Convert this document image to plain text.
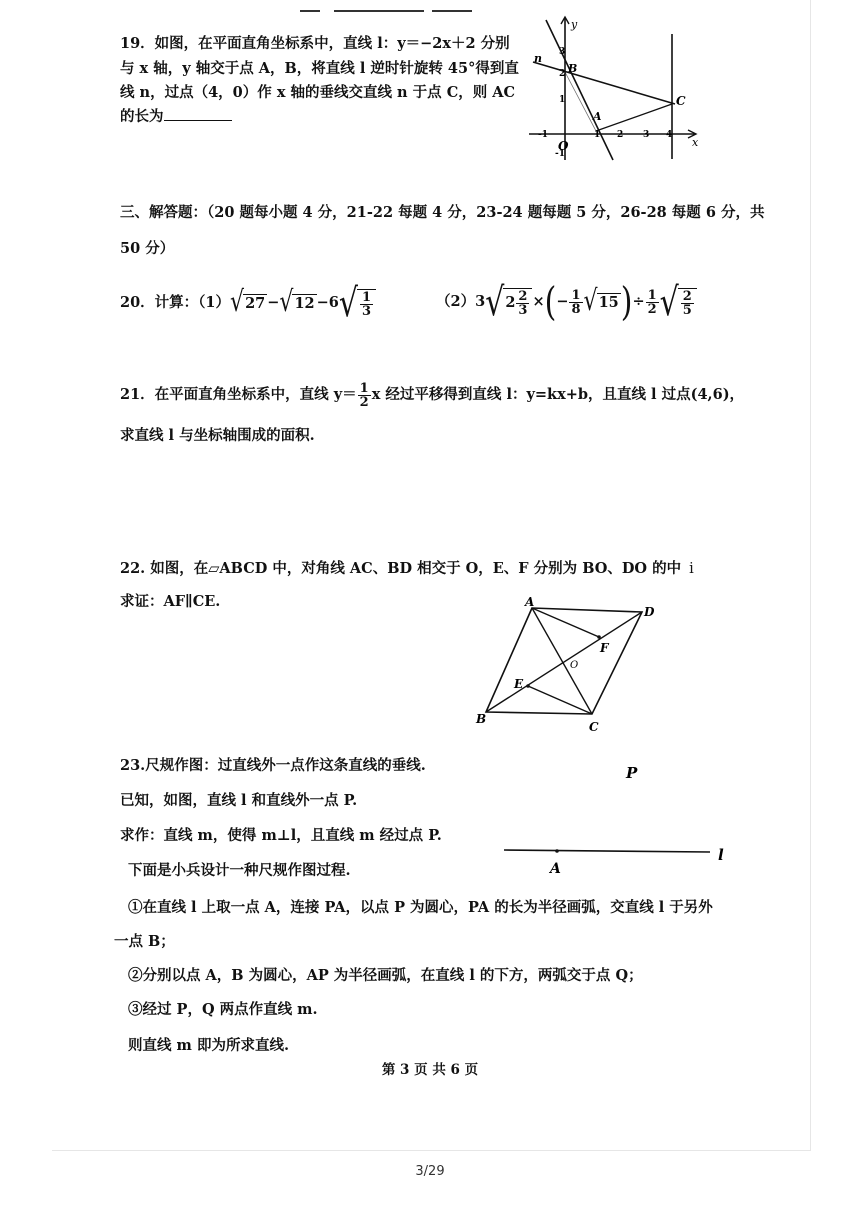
19．如图，在平面直角坐标系中，直线 l：y＝−2x＋2 分别
与 x 轴，y 轴交于点 A，B，将直线 l 逆时针旋转 45°得到直
线 n，过点（4，0）作 x 轴的垂线交直线 n 于点 C，则 AC
的长为
y
x
O
3
2
1
-1
-1	1 2 3 4
n
B
A
C
三、解答题：（20 题每小题 4 分，21-22 每题 4 分，23-24 题每题 5 分，26-28 每题 6 分，共
50 分）
20．计算：（1） √ 27 − √ 12 −6 √ $\frac{1}{3}$	（2）3 √ $2 \frac{2}{3}$ × ( − $\frac{1}{8}$ √ 15 ) ÷ $\frac{1}{2}$ √ $\frac{2}{5}$
21．在平面直角坐标系中，直线 $y= \frac{1}{2}$ x 经过平移得到直线 l：y=kx+b，且直线 l 过点(4,6)，
求直线 l 与坐标轴围成的面积.
22. 如图，在▱ABCD 中，对角线 AC、BD 相交于 O，E、F 分别为 BO、DO 的中 ⅰ
求证：AF∥CE.	A
B
C
D
E
F
O
23.尺规作图：过直线外一点作这条直线的垂线.
已知，如图，直线 l 和直线外一点 P.
求作：直线 m，使得 m⊥l，且直线 m 经过点 P.
下面是小兵设计一种尺规作图过程.
①在直线 l 上取一点 A，连接 PA，以点 P 为圆心，PA 的长为半径画弧，交直线 l 于另外
一点 B；
②分别以点 A，B 为圆心，AP 为半径画弧，在直线 l 的下方，两弧交于点 Q；
③经过 P，Q 两点作直线 m.
则直线 m 即为所求直线.
P
A
l
第 3 页 共 6 页
3/29
